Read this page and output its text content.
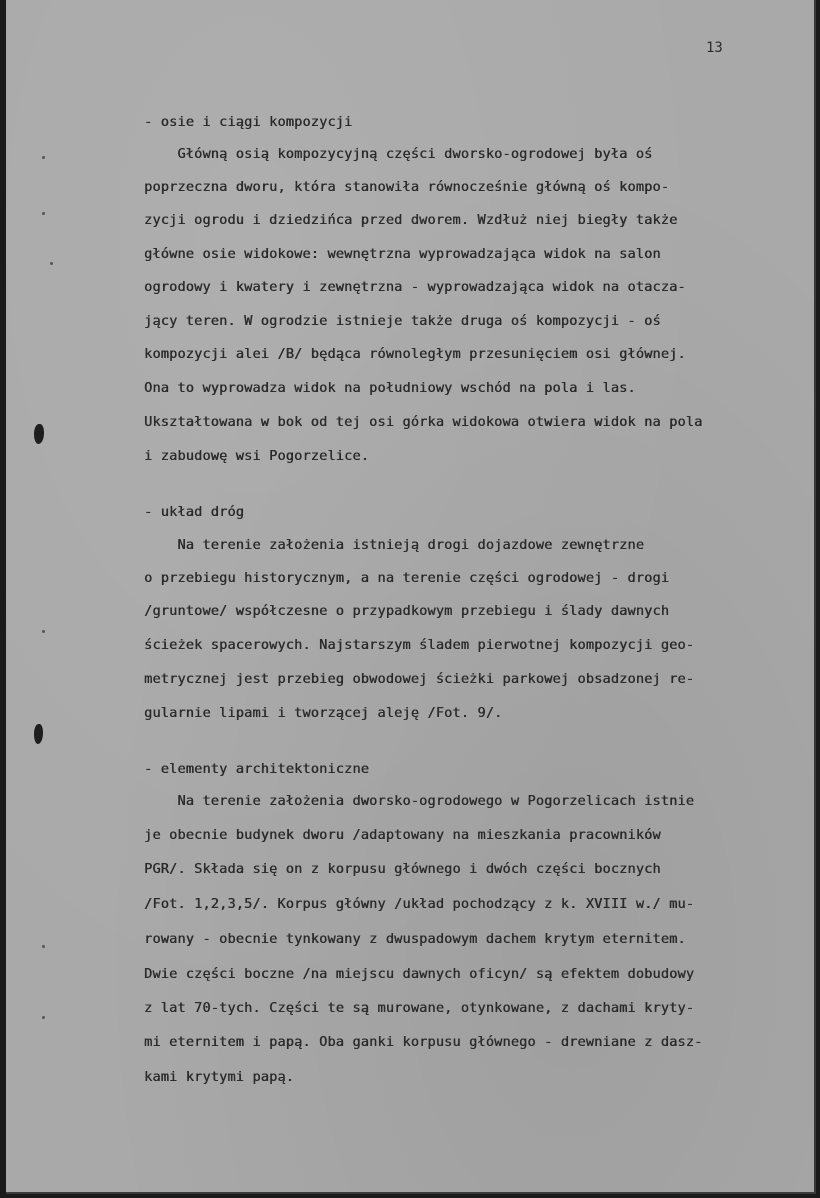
13

- osie i ciągi kompozycji

Główną osią kompozycyjną części dworsko-ogrodowej była oś

poprzeczna dworu, która stanowiła równocześnie główną oś kompo-

zycji ogrodu i dziedzińca przed dworem. Wzdłuż niej biegły także

główne osie widokowe: wewnętrzna wyprowadzająca widok na salon

ogrodowy i kwatery i zewnętrzna - wyprowadzająca widok na otacza-

jący teren. W ogrodzie istnieje także druga oś kompozycji - oś

kompozycji alei /B/ będąca równoległym przesunięciem osi głównej.

Ona to wyprowadza widok na południowy wschód na pola i las.

Ukształtowana w bok od tej osi górka widokowa otwiera widok na pola

i zabudowę wsi Pogorzelice.

- układ dróg

Na terenie założenia istnieją drogi dojazdowe zewnętrzne

o przebiegu historycznym, a na terenie części ogrodowej - drogi

/gruntowe/ współczesne o przypadkowym przebiegu i ślady dawnych

ścieżek spacerowych. Najstarszym śladem pierwotnej kompozycji geo-

metrycznej jest przebieg obwodowej ścieżki parkowej obsadzonej re-

gularnie lipami i tworzącej aleję /Fot. 9/.

- elementy architektoniczne

Na terenie założenia dworsko-ogrodowego w Pogorzelicach istnie

je obecnie budynek dworu /adaptowany na mieszkania pracowników

PGR/. Składa się on z korpusu głównego i dwóch części bocznych

/Fot. 1,2,3,5/. Korpus główny /układ pochodzący z k. XVIII w./ mu-

rowany - obecnie tynkowany z dwuspadowym dachem krytym eternitem.

Dwie części boczne /na miejscu dawnych oficyn/ są efektem dobudowy

z lat 70-tych. Części te są murowane, otynkowane, z dachami kryty-

mi eternitem i papą. Oba ganki korpusu głównego - drewniane z dasz-

kami krytymi papą.
